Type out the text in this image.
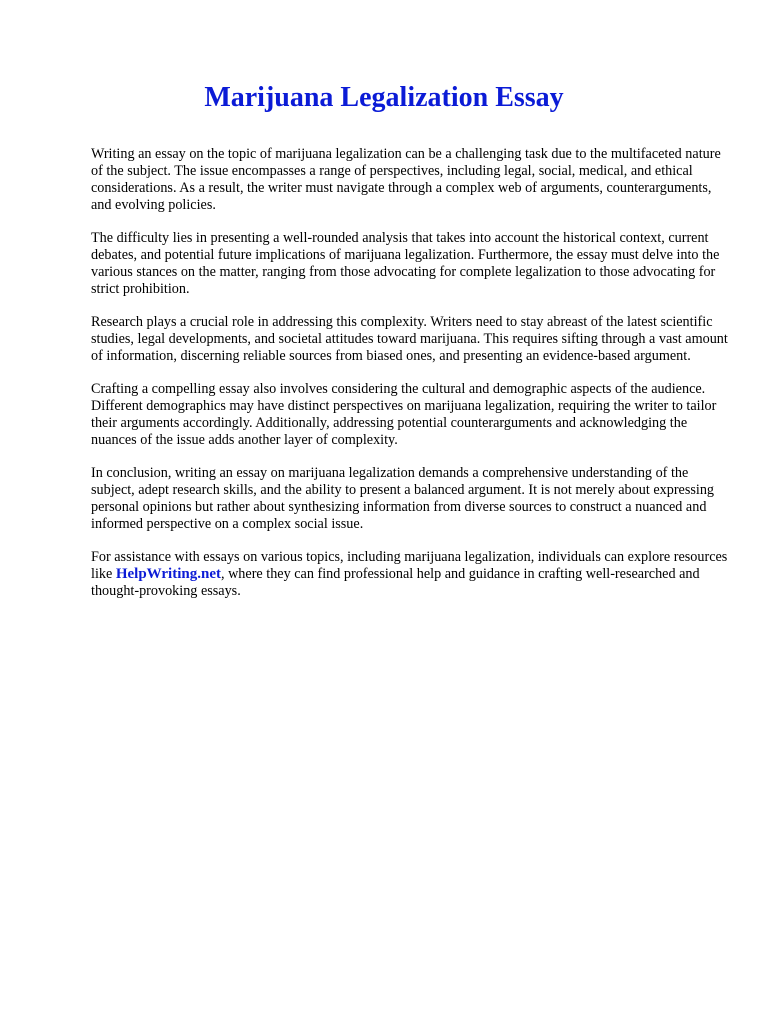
Marijuana Legalization Essay

Writing an essay on the topic of marijuana legalization can be a challenging task due to the multifaceted nature of the subject. The issue encompasses a range of perspectives, including legal, social, medical, and ethical considerations. As a result, the writer must navigate through a complex web of arguments, counterarguments, and evolving policies.

The difficulty lies in presenting a well-rounded analysis that takes into account the historical context, current debates, and potential future implications of marijuana legalization. Furthermore, the essay must delve into the various stances on the matter, ranging from those advocating for complete legalization to those advocating for strict prohibition.

Research plays a crucial role in addressing this complexity. Writers need to stay abreast of the latest scientific studies, legal developments, and societal attitudes toward marijuana. This requires sifting through a vast amount of information, discerning reliable sources from biased ones, and presenting an evidence-based argument.

Crafting a compelling essay also involves considering the cultural and demographic aspects of the audience. Different demographics may have distinct perspectives on marijuana legalization, requiring the writer to tailor their arguments accordingly. Additionally, addressing potential counterarguments and acknowledging the nuances of the issue adds another layer of complexity.

In conclusion, writing an essay on marijuana legalization demands a comprehensive understanding of the subject, adept research skills, and the ability to present a balanced argument. It is not merely about expressing personal opinions but rather about synthesizing information from diverse sources to construct a nuanced and informed perspective on a complex social issue.

For assistance with essays on various topics, including marijuana legalization, individuals can explore resources like HelpWriting.net, where they can find professional help and guidance in crafting well-researched and thought-provoking essays.
